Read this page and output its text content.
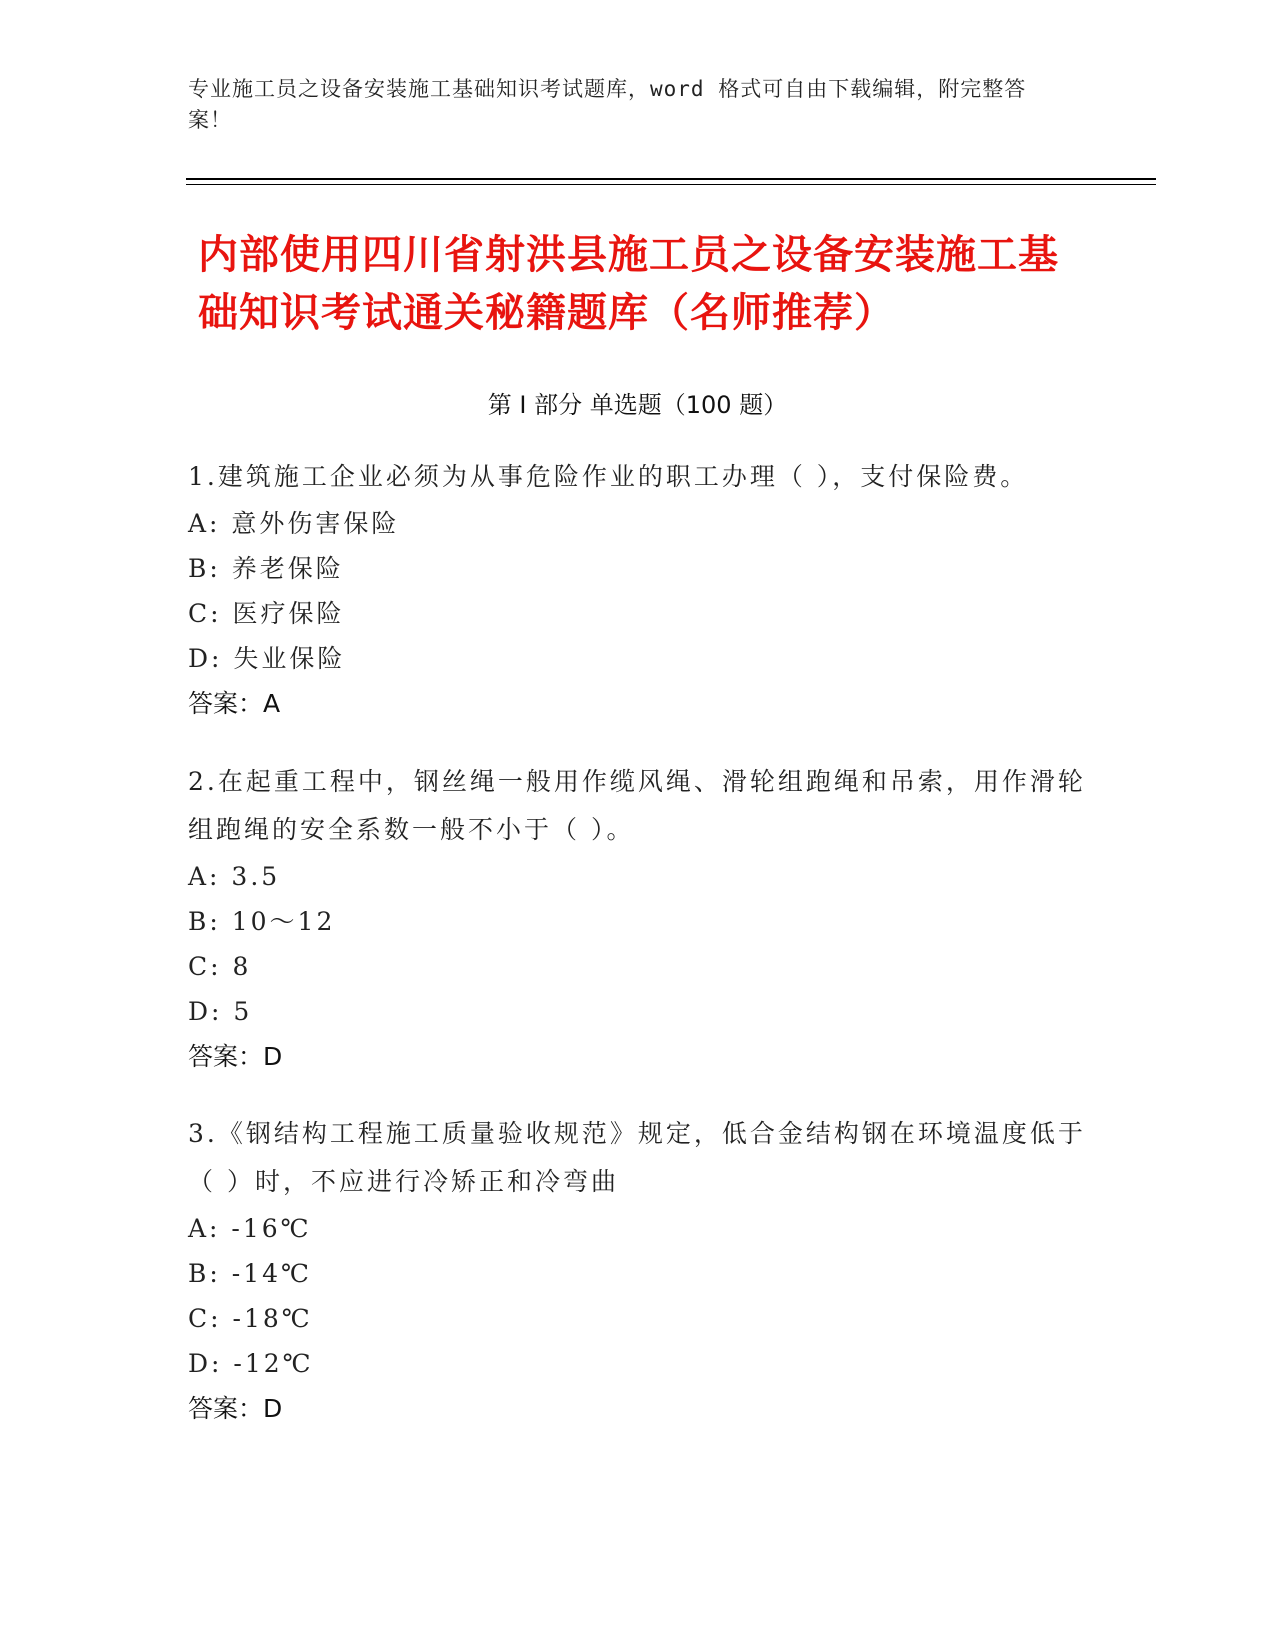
专业施工员之设备安装施工基础知识考试题库，word 格式可自由下载编辑，附完整答案！
内部使用四川省射洪县施工员之设备安装施工基础知识考试通关秘籍题库（名师推荐）
第 I 部分 单选题（100 题）

1.建筑施工企业必须为从事危险作业的职工办理（ ），支付保险费。

A: 意外伤害保险

B: 养老保险

C: 医疗保险

D: 失业保险

答案：A

2.在起重工程中，钢丝绳一般用作缆风绳、滑轮组跑绳和吊索，用作滑轮组跑绳的安全系数一般不小于（ ）。

A: 3.5

B: 10～12

C: 8

D: 5

答案：D

3.《钢结构工程施工质量验收规范》规定，低合金结构钢在环境温度低于（ ）时，不应进行冷矫正和冷弯曲

A: -16℃

B: -14℃

C: -18℃

D: -12℃

答案：D
